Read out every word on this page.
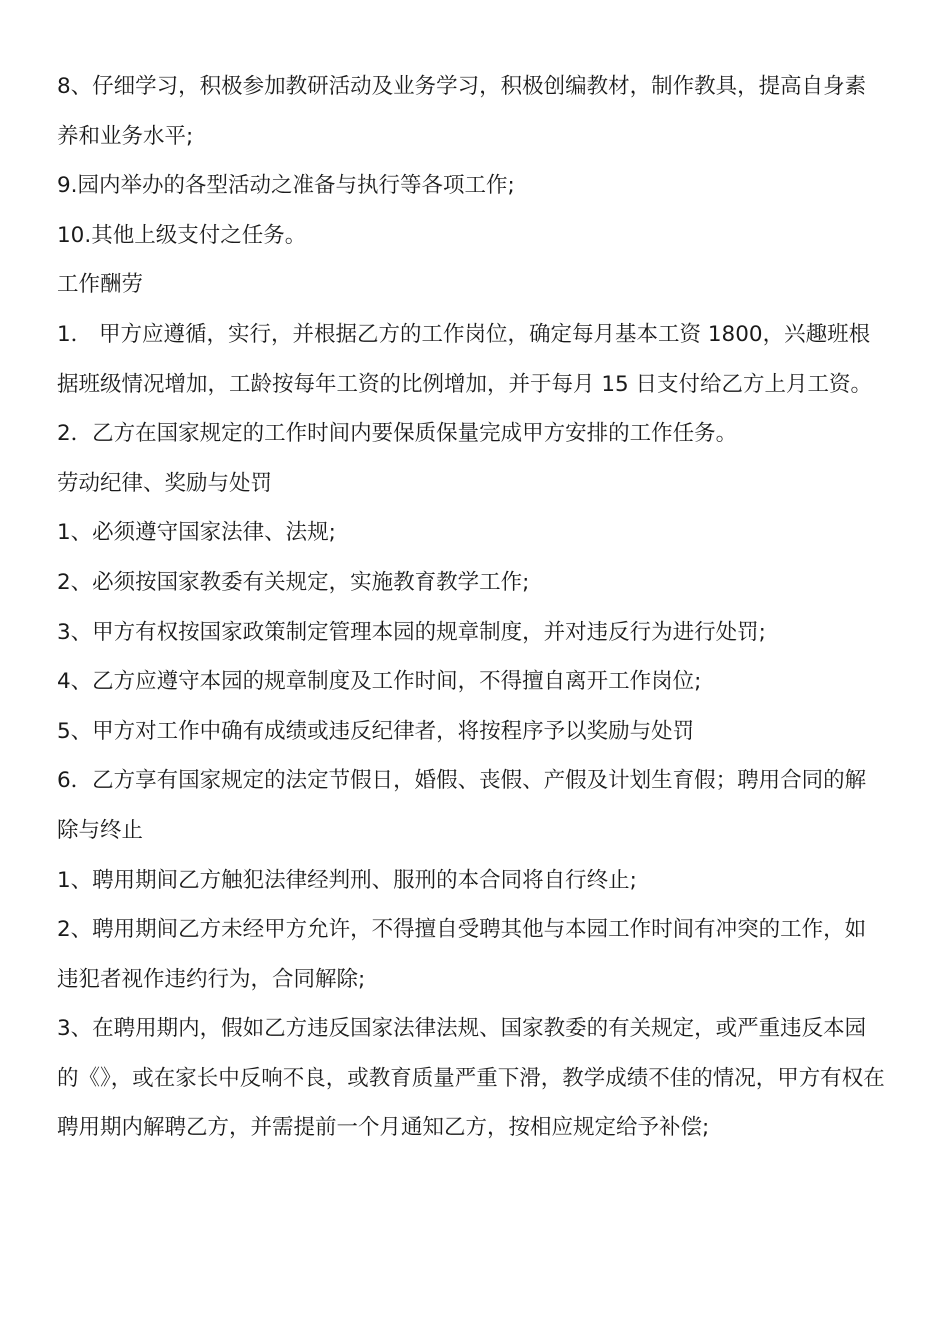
8、仔细学习，积极参加教研活动及业务学习，积极创编教材，制作教具，提高自身素养和业务水平;

9.园内举办的各型活动之准备与执行等各项工作;

10.其他上级支付之任务。

工作酬劳

1． 甲方应遵循，实行，并根据乙方的工作岗位，确定每月基本工资 1800，兴趣班根据班级情况增加，工龄按每年工资的比例增加，并于每月 15 日支付给乙方上月工资。

2．乙方在国家规定的工作时间内要保质保量完成甲方安排的工作任务。

劳动纪律、奖励与处罚

1、必须遵守国家法律、法规;

2、必须按国家教委有关规定，实施教育教学工作;

3、甲方有权按国家政策制定管理本园的规章制度，并对违反行为进行处罚;

4、乙方应遵守本园的规章制度及工作时间，不得擅自离开工作岗位;

5、甲方对工作中确有成绩或违反纪律者，将按程序予以奖励与处罚

6．乙方享有国家规定的法定节假日，婚假、丧假、产假及计划生育假；聘用合同的解除与终止

1、聘用期间乙方触犯法律经判刑、服刑的本合同将自行终止;

2、聘用期间乙方未经甲方允许，不得擅自受聘其他与本园工作时间有冲突的工作，如违犯者视作违约行为，合同解除;

3、在聘用期内，假如乙方违反国家法律法规、国家教委的有关规定，或严重违反本园的《》，或在家长中反响不良，或教育质量严重下滑，教学成绩不佳的情况，甲方有权在聘用期内解聘乙方，并需提前一个月通知乙方，按相应规定给予补偿;
